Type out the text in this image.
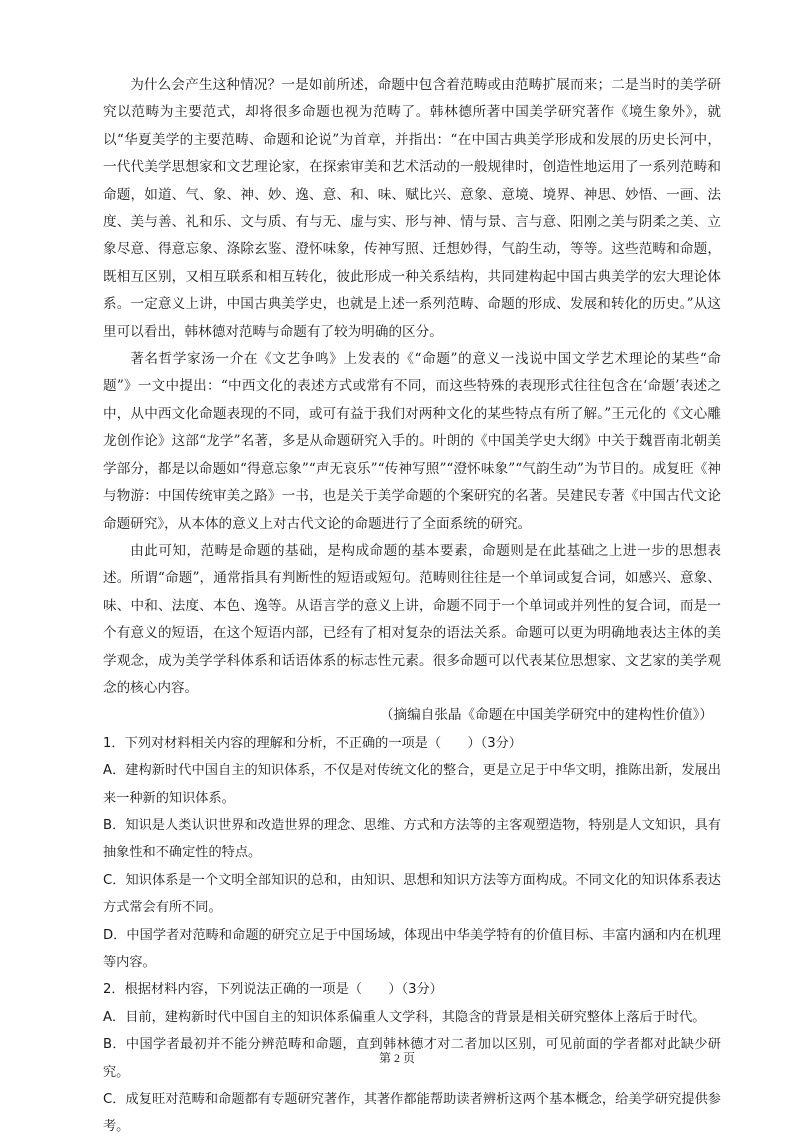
为什么会产生这种情况？一是如前所述，命题中包含着范畴或由范畴扩展而来；二是当时的美学研究以范畴为主要范式，却将很多命题也视为范畴了。韩林德所著中国美学研究著作《境生象外》，就以“华夏美学的主要范畴、命题和论说”为首章，并指出：“在中国古典美学形成和发展的历史长河中，一代代美学思想家和文艺理论家，在探索审美和艺术活动的一般规律时，创造性地运用了一系列范畴和命题，如道、气、象、神、妙、逸、意、和、味、赋比兴、意象、意境、境界、神思、妙悟、一画、法度、美与善、礼和乐、文与质、有与无、虚与实、形与神、情与景、言与意、阳刚之美与阴柔之美、立象尽意、得意忘象、涤除玄鉴、澄怀味象，传神写照、迁想妙得，气韵生动，等等。这些范畴和命题，既相互区别，又相互联系和相互转化，彼此形成一种关系结构，共同建构起中国古典美学的宏大理论体系。一定意义上讲，中国古典美学史，也就是上述一系列范畴、命题的形成、发展和转化的历史。”从这里可以看出，韩林德对范畴与命题有了较为明确的区分。

著名哲学家汤一介在《文艺争鸣》上发表的《“命题”的意义一浅说中国文学艺术理论的某些“命题”》一文中提出：“中西文化的表述方式或常有不同，而这些特殊的表现形式往往包含在‘命题’表述之中，从中西文化命题表现的不同，或可有益于我们对两种文化的某些特点有所了解。”王元化的《文心雕龙创作论》这部“龙学”名著，多是从命题研究入手的。叶朗的《中国美学史大纲》中关于魏晋南北朝美学部分，都是以命题如“得意忘象”“声无哀乐”“传神写照”“澄怀味象”“气韵生动”为节目的。成复旺《神与物游：中国传统审美之路》一书，也是关于美学命题的个案研究的名著。吴建民专著《中国古代文论命题研究》，从本体的意义上对古代文论的命题进行了全面系统的研究。

由此可知，范畴是命题的基础，是构成命题的基本要素，命题则是在此基础之上进一步的思想表述。所谓“命题”，通常指具有判断性的短语或短句。范畴则往往是一个单词或复合词，如感兴、意象、味、中和、法度、本色、逸等。从语言学的意义上讲，命题不同于一个单词或并列性的复合词，而是一个有意义的短语，在这个短语内部，已经有了相对复杂的语法关系。命题可以更为明确地表达主体的美学观念，成为美学学科体系和话语体系的标志性元素。很多命题可以代表某位思想家、文艺家的美学观念的核心内容。

（摘编自张晶《命题在中国美学研究中的建构性价值》）

1．下列对材料相关内容的理解和分析，不正确的一项是（　　）（3分）

A．建构新时代中国自主的知识体系，不仅是对传统文化的整合，更是立足于中华文明，推陈出新，发展出来一种新的知识体系。

B．知识是人类认识世界和改造世界的理念、思维、方式和方法等的主客观塑造物，特别是人文知识，具有抽象性和不确定性的特点。

C．知识体系是一个文明全部知识的总和，由知识、思想和知识方法等方面构成。不同文化的知识体系表达方式常会有所不同。

D．中国学者对范畴和命题的研究立足于中国场域，体现出中华美学特有的价值目标、丰富内涵和内在机理等内容。

2．根据材料内容，下列说法正确的一项是（　　）（3分）

A．目前，建构新时代中国自主的知识体系偏重人文学科，其隐含的背景是相关研究整体上落后于时代。

B．中国学者最初并不能分辨范畴和命题，直到韩林德才对二者加以区别，可见前面的学者都对此缺少研究。

C．成复旺对范畴和命题都有专题研究著作，其著作都能帮助读者辨析这两个基本概念，给美学研究提供参考。

第 2 页
